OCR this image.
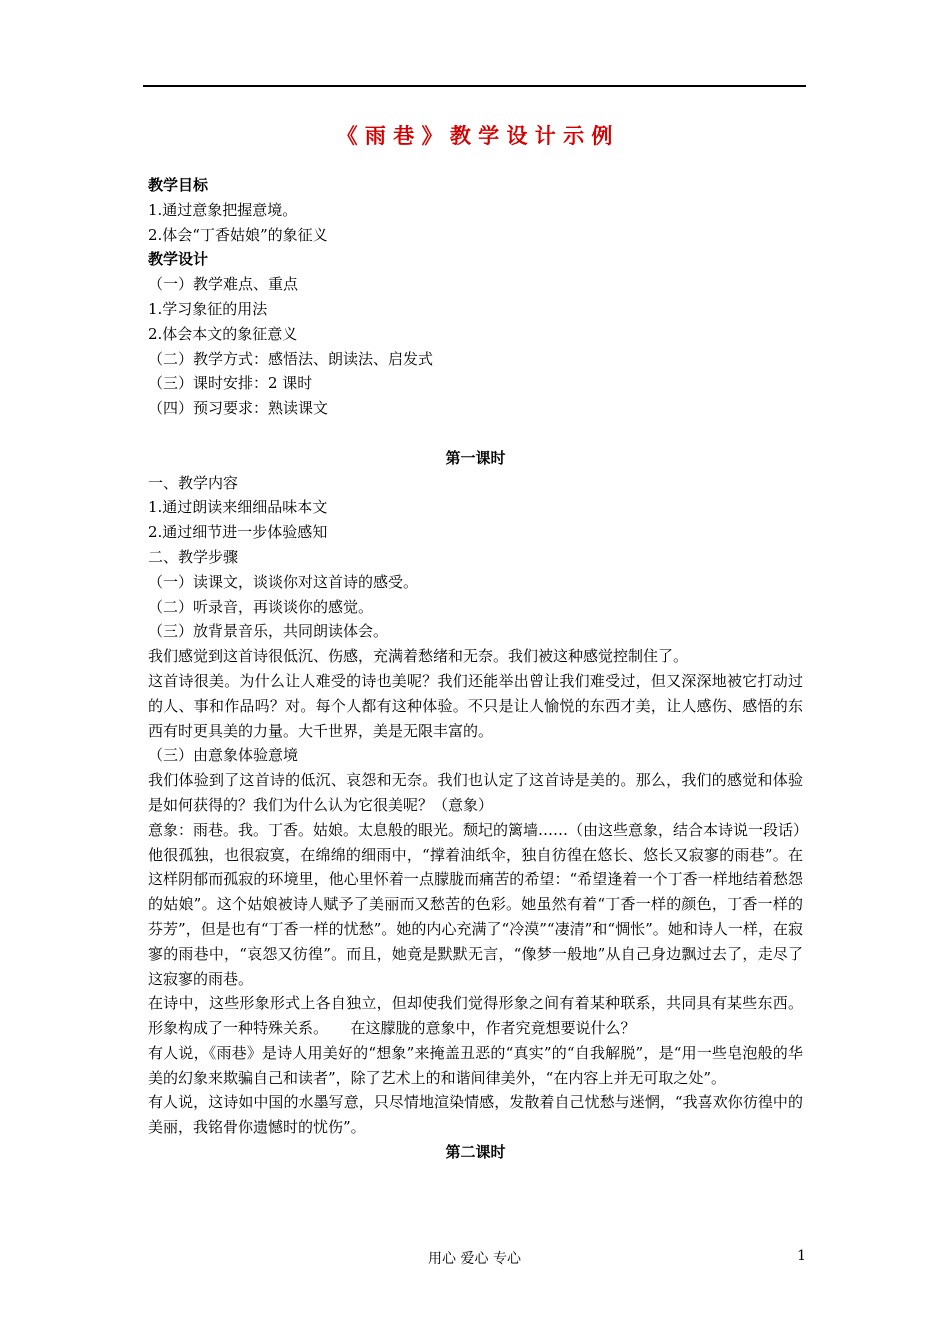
《 雨 巷 》 教 学 设 计 示 例
教学目标
1.通过意象把握意境。
2.体会“丁香姑娘”的象征义
教学设计
（一）教学难点、重点
1.学习象征的用法
2.体会本文的象征意义
（二）教学方式：感悟法、朗读法、启发式
（三）课时安排：2 课时
（四）预习要求：熟读课文
第一课时
一、教学内容
1.通过朗读来细细品味本文
2.通过细节进一步体验感知
二、教学步骤
（一）读课文，谈谈你对这首诗的感受。
（二）听录音，再谈谈你的感觉。
（三）放背景音乐，共同朗读体会。
我们感觉到这首诗很低沉、伤感，充满着愁绪和无奈。我们被这种感觉控制住了。
这首诗很美。为什么让人难受的诗也美呢？我们还能举出曾让我们难受过，但又深深地被它打动过的人、事和作品吗？对。每个人都有这种体验。不只是让人愉悦的东西才美，让人感伤、感悟的东西有时更具美的力量。大千世界，美是无限丰富的。
（三）由意象体验意境
我们体验到了这首诗的低沉、哀怨和无奈。我们也认定了这首诗是美的。那么，我们的感觉和体验是如何获得的？我们为什么认为它很美呢？（意象）
意象：雨巷。我。丁香。姑娘。太息般的眼光。颓圮的篱墙……（由这些意象，结合本诗说一段话）
他很孤独，也很寂寞，在绵绵的细雨中，“撑着油纸伞，独自彷徨在悠长、悠长又寂寥的雨巷”。在这样阴郁而孤寂的环境里，他心里怀着一点朦胧而痛苦的希望：“希望逢着一个丁香一样地结着愁怨的姑娘”。这个姑娘被诗人赋予了美丽而又愁苦的色彩。她虽然有着“丁香一样的颜色，丁香一样的芬芳”，但是也有“丁香一样的忧愁”。她的内心充满了“冷漠”“凄清”和“惆怅”。她和诗人一样，在寂寥的雨巷中，“哀怨又彷徨”。而且，她竟是默默无言，“像梦一般地”从自己身边飘过去了，走尽了这寂寥的雨巷。
在诗中，这些形象形式上各自独立，但却使我们觉得形象之间有着某种联系，共同具有某些东西。形象构成了一种特殊关系。　　在这朦胧的意象中，作者究竟想要说什么？
有人说，《雨巷》是诗人用美好的“想象”来掩盖丑恶的“真实”的“自我解脱”，是“用一些皂泡般的华美的幻象来欺骗自己和读者”，除了艺术上的和谐间律美外，“在内容上并无可取之处”。
有人说，这诗如中国的水墨写意，只尽情地渲染情感，发散着自己忧愁与迷惘，“我喜欢你彷徨中的美丽，我铭骨你遗憾时的忧伤”。
第二课时
用心 爱心 专心	1
